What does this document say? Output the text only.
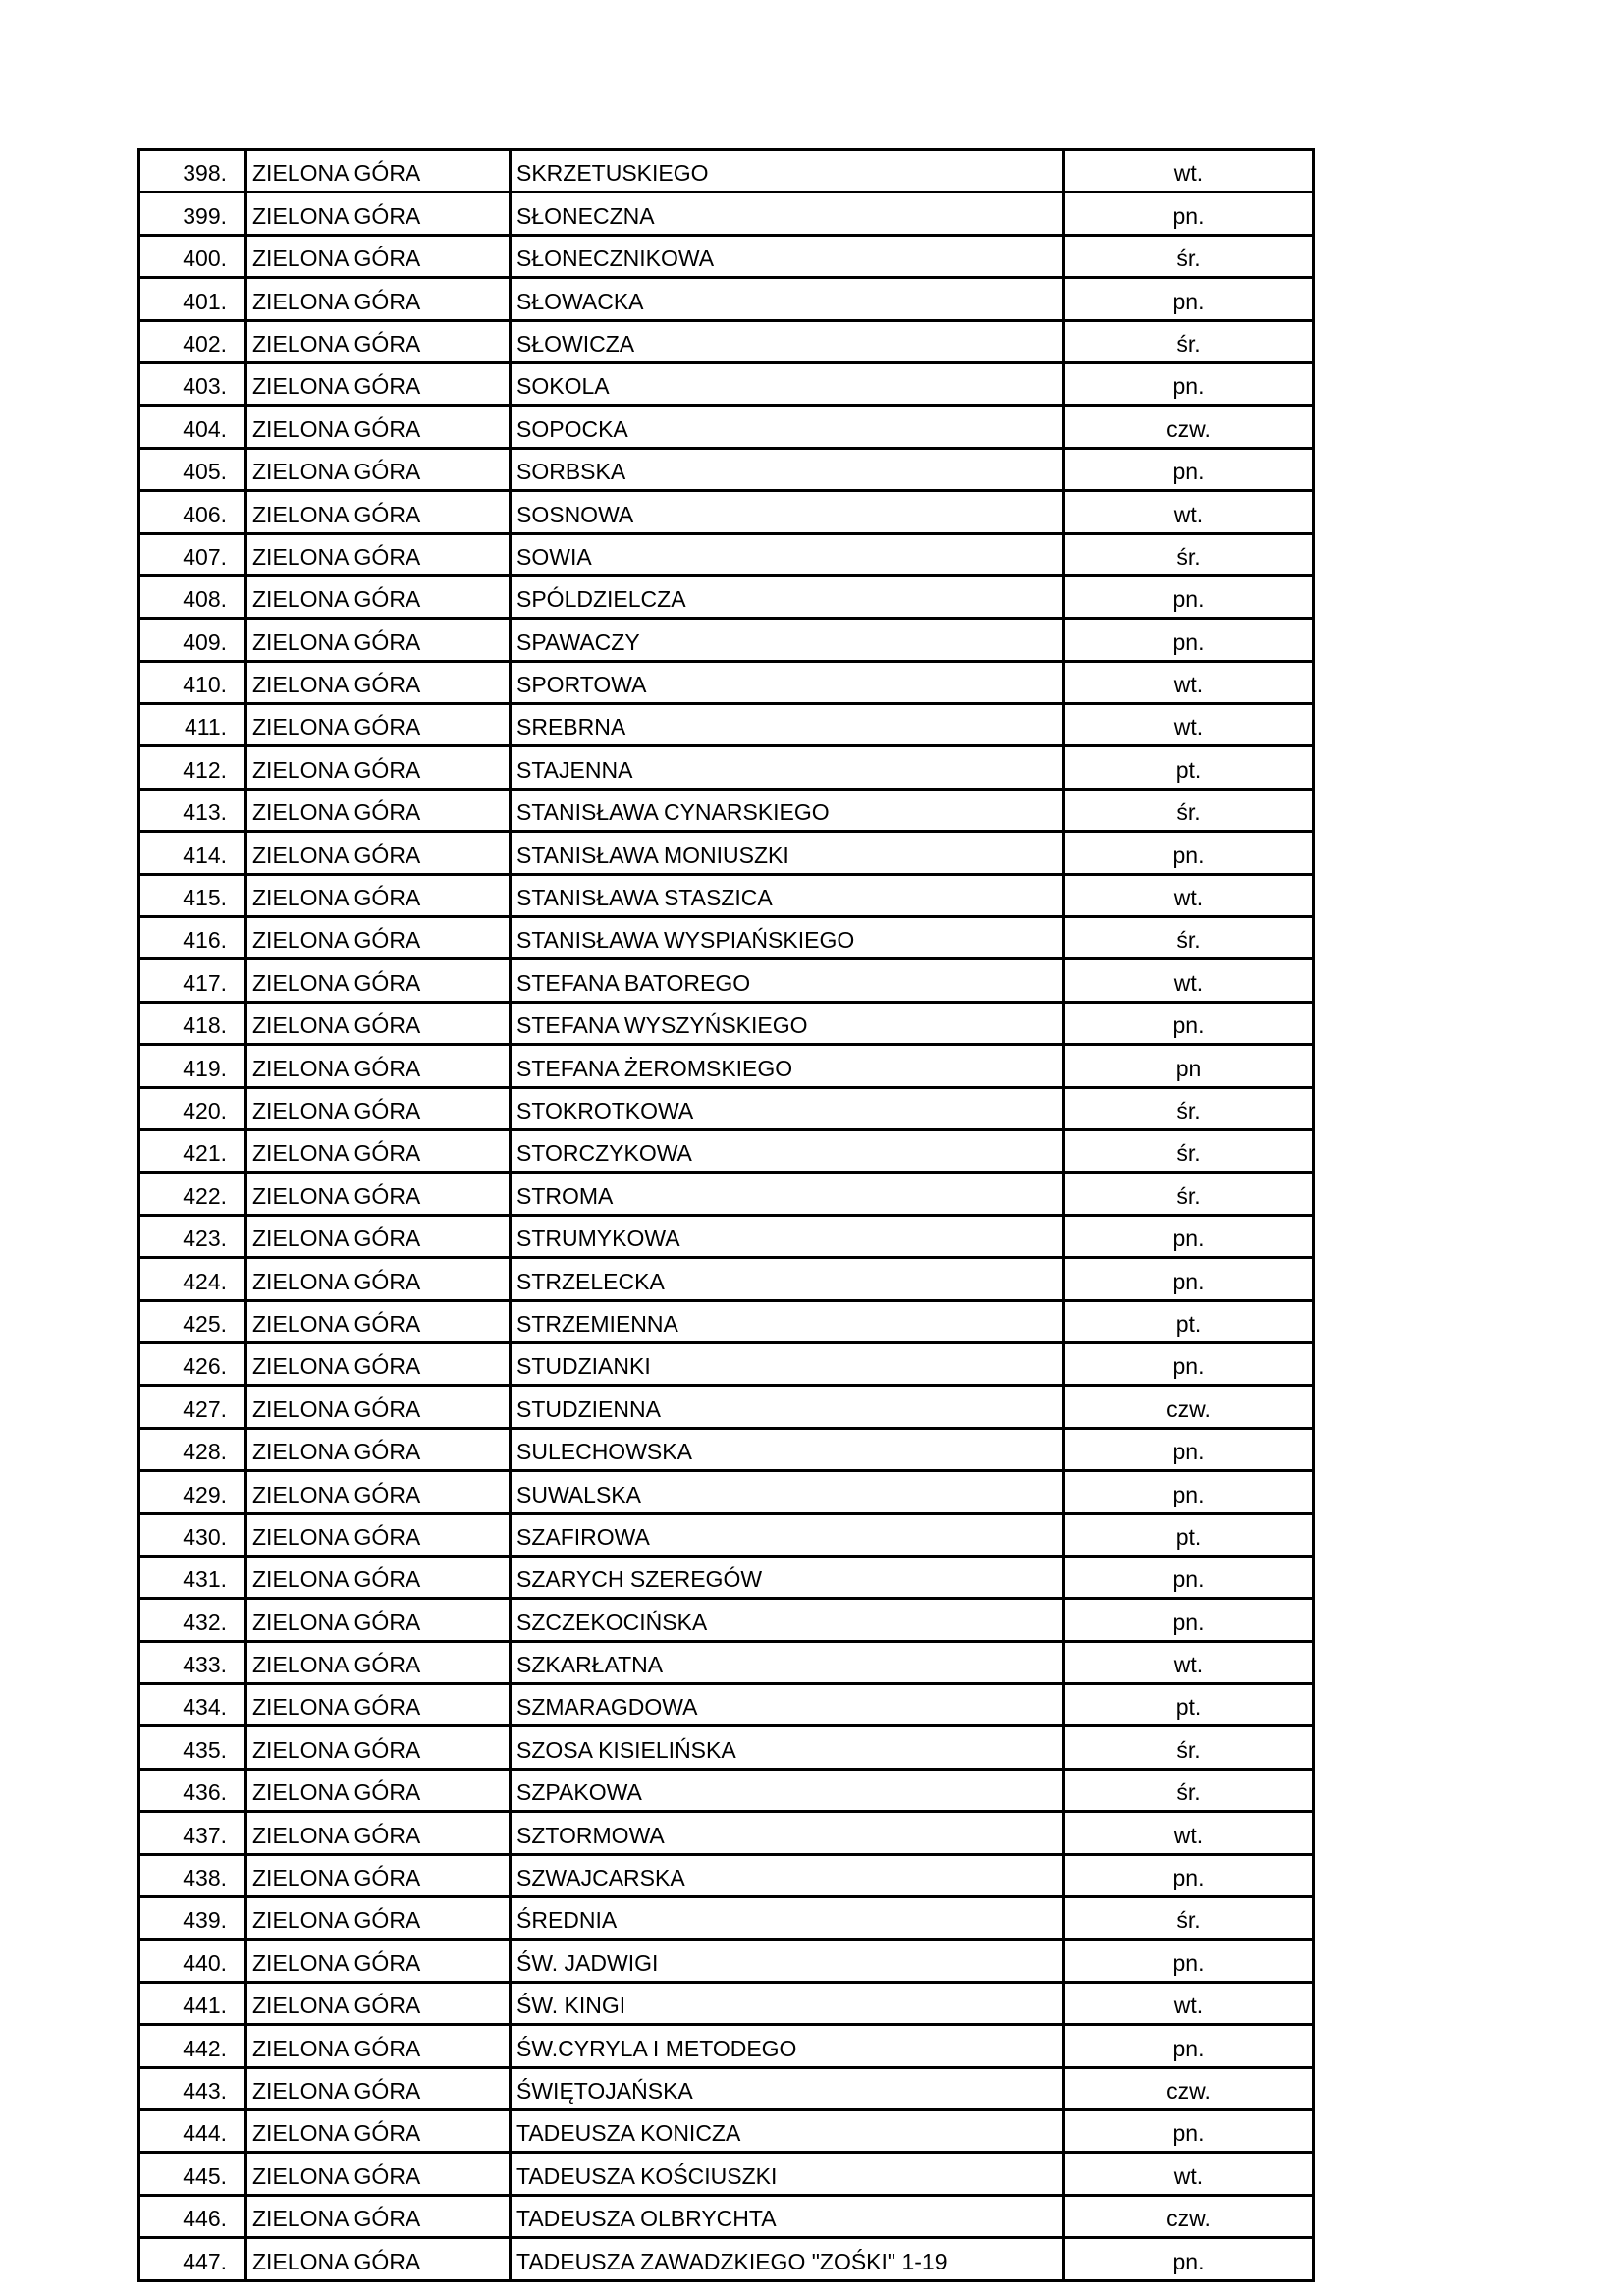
398.	ZIELONA GÓRA	SKRZETUSKIEGO	wt.
399.	ZIELONA GÓRA	SŁONECZNA	pn.
400.	ZIELONA GÓRA	SŁONECZNIKOWA	śr.
401.	ZIELONA GÓRA	SŁOWACKA	pn.
402.	ZIELONA GÓRA	SŁOWICZA	śr.
403.	ZIELONA GÓRA	SOKOLA	pn.
404.	ZIELONA GÓRA	SOPOCKA	czw.
405.	ZIELONA GÓRA	SORBSKA	pn.
406.	ZIELONA GÓRA	SOSNOWA	wt.
407.	ZIELONA GÓRA	SOWIA	śr.
408.	ZIELONA GÓRA	SPÓLDZIELCZA	pn.
409.	ZIELONA GÓRA	SPAWACZY	pn.
410.	ZIELONA GÓRA	SPORTOWA	wt.
411.	ZIELONA GÓRA	SREBRNA	wt.
412.	ZIELONA GÓRA	STAJENNA	pt.
413.	ZIELONA GÓRA	STANISŁAWA CYNARSKIEGO	śr.
414.	ZIELONA GÓRA	STANISŁAWA MONIUSZKI	pn.
415.	ZIELONA GÓRA	STANISŁAWA STASZICA	wt.
416.	ZIELONA GÓRA	STANISŁAWA WYSPIAŃSKIEGO	śr.
417.	ZIELONA GÓRA	STEFANA BATOREGO	wt.
418.	ZIELONA GÓRA	STEFANA WYSZYŃSKIEGO	pn.
419.	ZIELONA GÓRA	STEFANA ŻEROMSKIEGO	pn
420.	ZIELONA GÓRA	STOKROTKOWA	śr.
421.	ZIELONA GÓRA	STORCZYKOWA	śr.
422.	ZIELONA GÓRA	STROMA	śr.
423.	ZIELONA GÓRA	STRUMYKOWA	pn.
424.	ZIELONA GÓRA	STRZELECKA	pn.
425.	ZIELONA GÓRA	STRZEMIENNA	pt.
426.	ZIELONA GÓRA	STUDZIANKI	pn.
427.	ZIELONA GÓRA	STUDZIENNA	czw.
428.	ZIELONA GÓRA	SULECHOWSKA	pn.
429.	ZIELONA GÓRA	SUWALSKA	pn.
430.	ZIELONA GÓRA	SZAFIROWA	pt.
431.	ZIELONA GÓRA	SZARYCH SZEREGÓW	pn.
432.	ZIELONA GÓRA	SZCZEKOCIŃSKA	pn.
433.	ZIELONA GÓRA	SZKARŁATNA	wt.
434.	ZIELONA GÓRA	SZMARAGDOWA	pt.
435.	ZIELONA GÓRA	SZOSA KISIELIŃSKA	śr.
436.	ZIELONA GÓRA	SZPAKOWA	śr.
437.	ZIELONA GÓRA	SZTORMOWA	wt.
438.	ZIELONA GÓRA	SZWAJCARSKA	pn.
439.	ZIELONA GÓRA	ŚREDNIA	śr.
440.	ZIELONA GÓRA	ŚW. JADWIGI	pn.
441.	ZIELONA GÓRA	ŚW. KINGI	wt.
442.	ZIELONA GÓRA	ŚW.CYRYLA I METODEGO	pn.
443.	ZIELONA GÓRA	ŚWIĘTOJAŃSKA	czw.
444.	ZIELONA GÓRA	TADEUSZA KONICZA	pn.
445.	ZIELONA GÓRA	TADEUSZA KOŚCIUSZKI	wt.
446.	ZIELONA GÓRA	TADEUSZA OLBRYCHTA	czw.
447.	ZIELONA GÓRA	TADEUSZA ZAWADZKIEGO "ZOŚKI" 1-19	pn.
